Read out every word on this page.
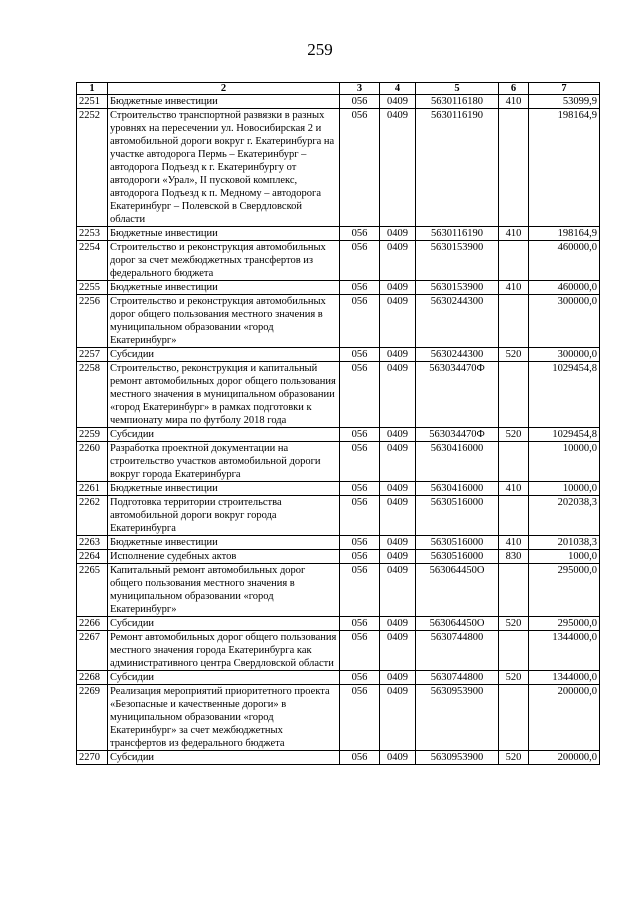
259
1	2	3	4	5	6	7
2251	Бюджетные инвестиции	056	0409	5630116180	410	53099,9
2252	Строительство транспортной развязки в разных уровнях на пересечении ул. Новосибирская 2 и автомобильной дороги вокруг г. Екатеринбурга на участке автодорога Пермь – Екатеринбург – автодорога Подъезд к г. Екатеринбургу от автодороги «Урал», II пусковой комплекс, автодорога Подъезд к п. Медному – автодорога Екатеринбург – Полевской в Свердловской области	056	0409	5630116190		198164,9
2253	Бюджетные инвестиции	056	0409	5630116190	410	198164,9
2254	Строительство и реконструкция автомобильных дорог за счет межбюджетных трансфертов из федерального бюджета	056	0409	5630153900		460000,0
2255	Бюджетные инвестиции	056	0409	5630153900	410	460000,0
2256	Строительство и реконструкция автомобильных дорог общего пользования местного значения в муниципальном образовании «город Екатеринбург»	056	0409	5630244300		300000,0
2257	Субсидии	056	0409	5630244300	520	300000,0
2258	Строительство, реконструкция и капитальный ремонт автомобильных дорог общего пользования местного значения в муниципальном образовании «город Екатеринбург» в рамках подготовки к чемпионату мира по футболу 2018 года	056	0409	563034470Ф		1029454,8
2259	Субсидии	056	0409	563034470Ф	520	1029454,8
2260	Разработка проектной документации на строительство участков автомобильной дороги вокруг города Екатеринбурга	056	0409	5630416000		10000,0
2261	Бюджетные инвестиции	056	0409	5630416000	410	10000,0
2262	Подготовка территории строительства автомобильной дороги вокруг города Екатеринбурга	056	0409	5630516000		202038,3
2263	Бюджетные инвестиции	056	0409	5630516000	410	201038,3
2264	Исполнение судебных актов	056	0409	5630516000	830	1000,0
2265	Капитальный ремонт автомобильных дорог общего пользования местного значения в муниципальном образовании «город Екатеринбург»	056	0409	563064450О		295000,0
2266	Субсидии	056	0409	563064450О	520	295000,0
2267	Ремонт автомобильных дорог общего пользования местного значения города Екатеринбурга как административного центра Свердловской области	056	0409	5630744800		1344000,0
2268	Субсидии	056	0409	5630744800	520	1344000,0
2269	Реализация мероприятий приоритетного проекта «Безопасные и качественные дороги» в муниципальном образовании «город Екатеринбург» за счет межбюджетных трансфертов из федерального бюджета	056	0409	5630953900		200000,0
2270	Субсидии	056	0409	5630953900	520	200000,0
